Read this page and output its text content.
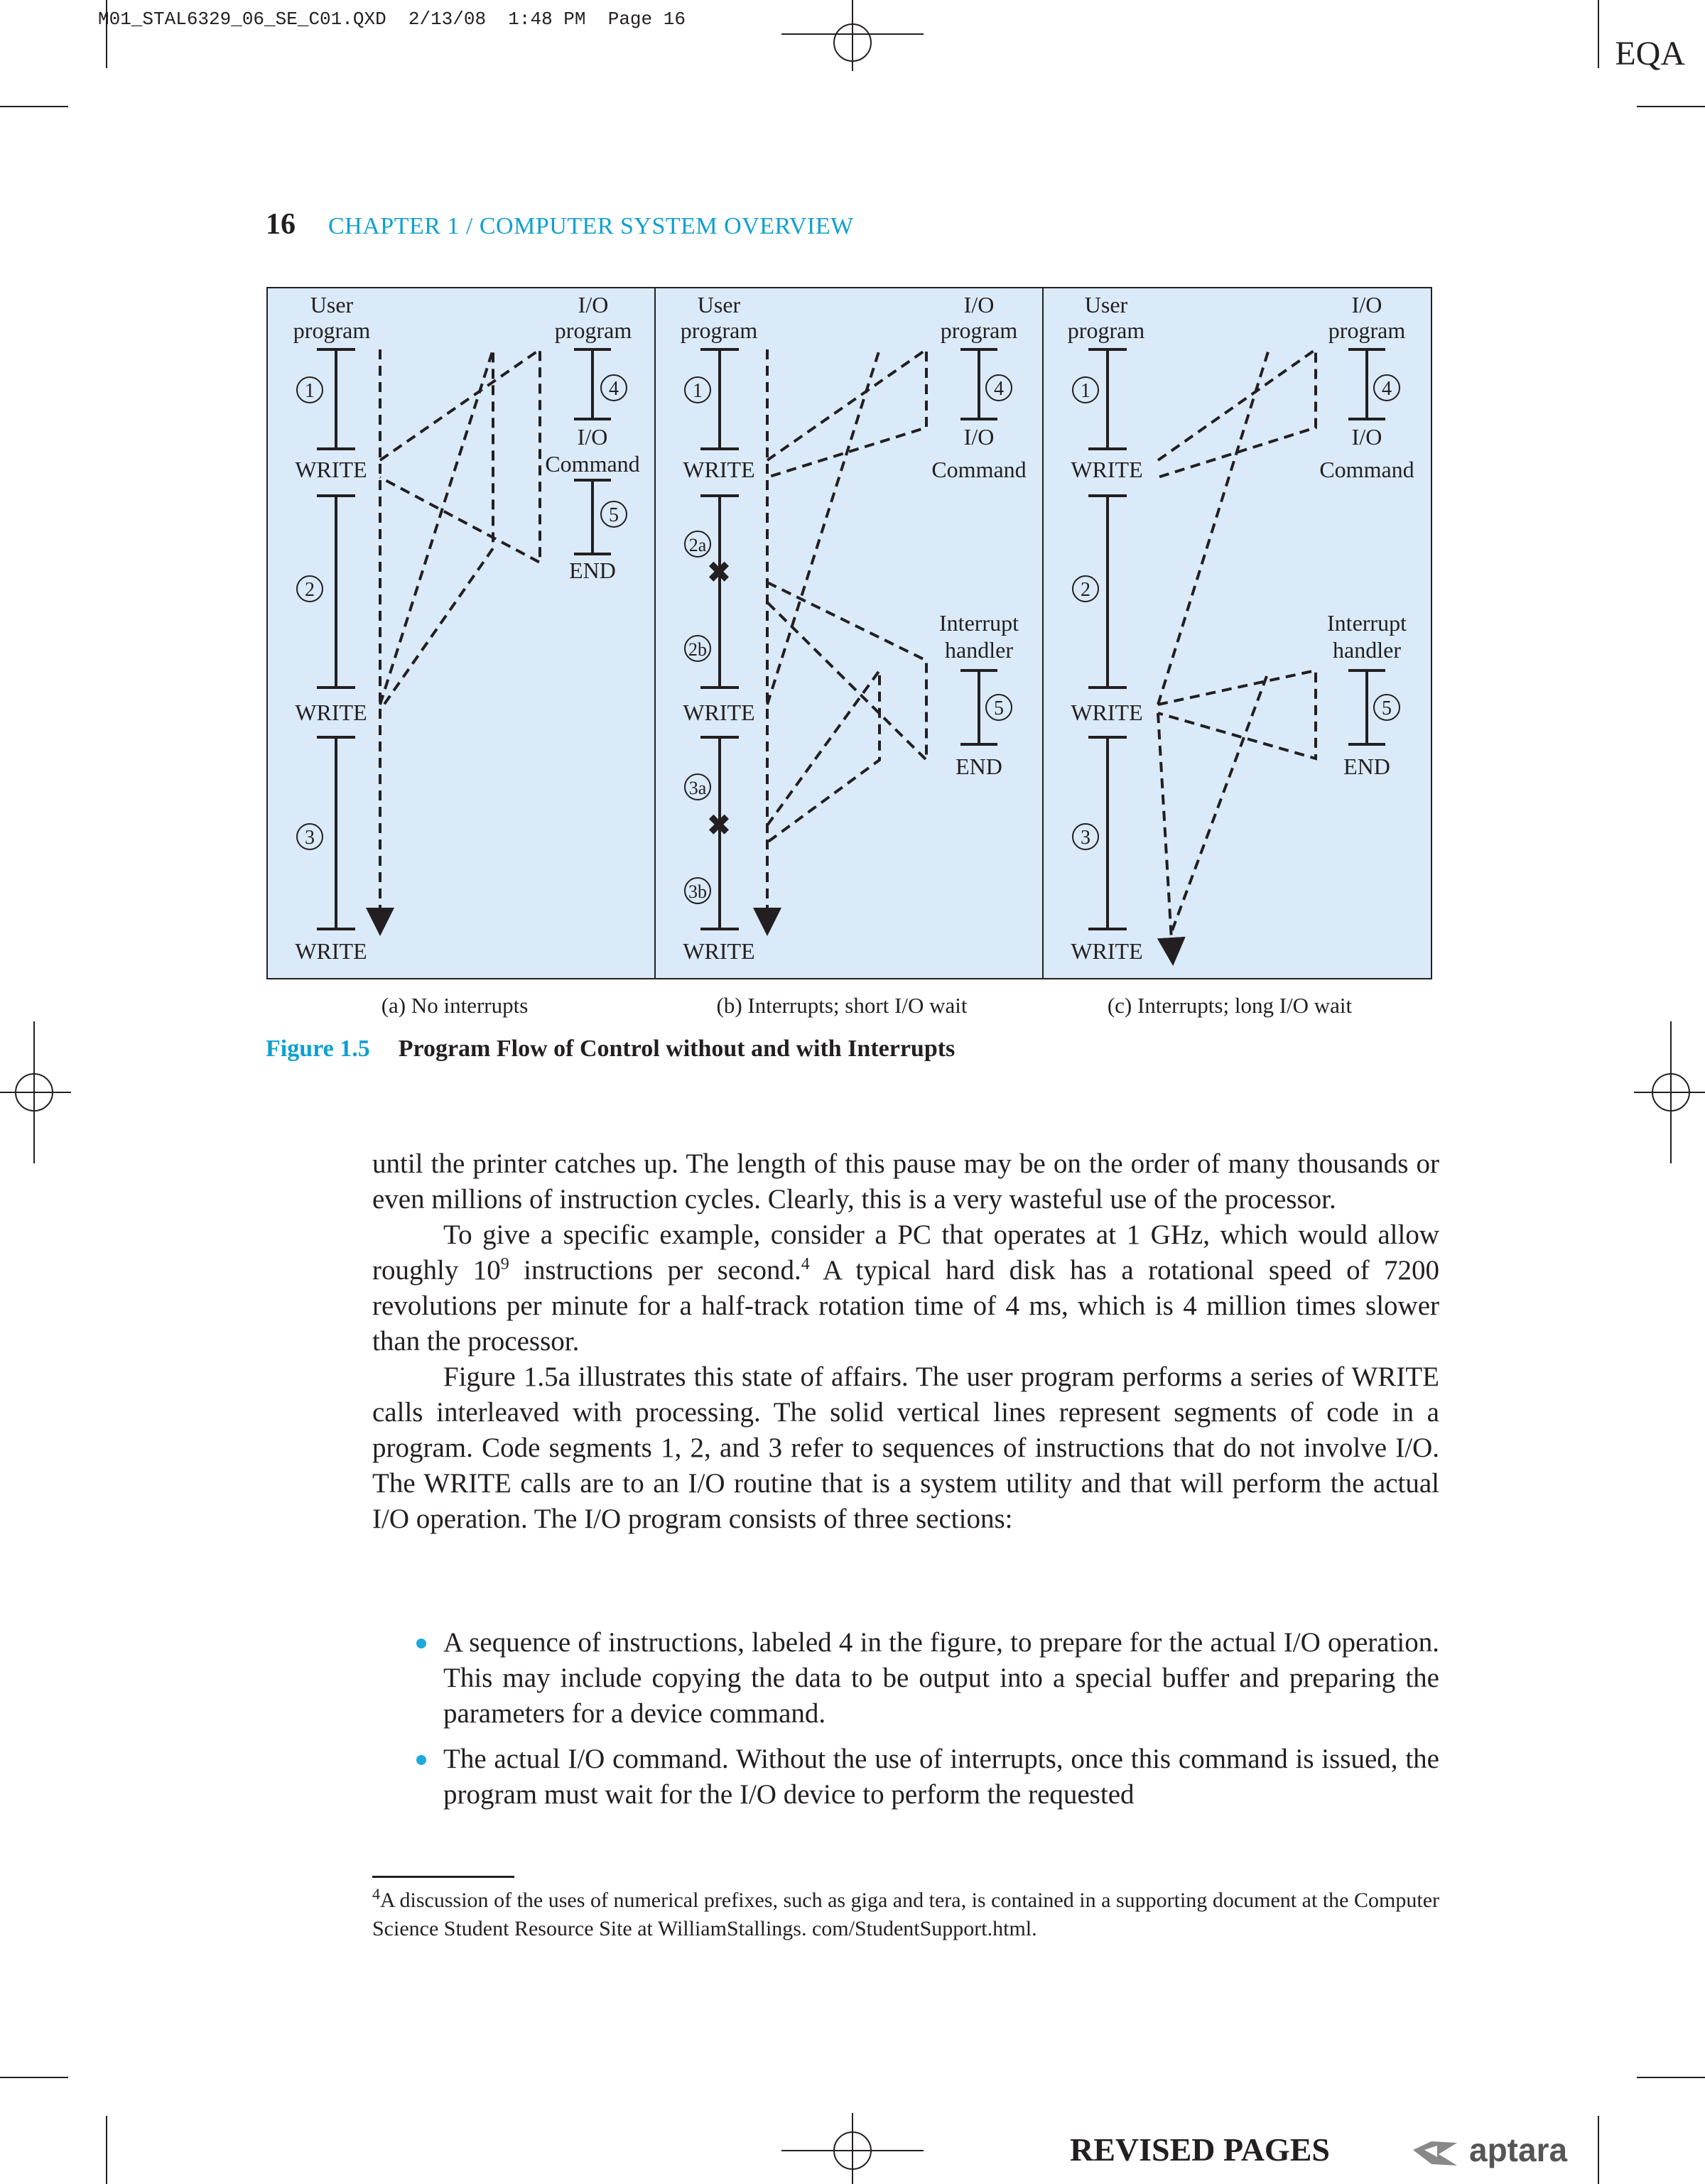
M01_STAL6329_06_SE_C01.QXD  2/13/08  1:48 PM  Page 16
EQA
16 CHAPTER 1 / COMPUTER SYSTEM OVERVIEW
User
program
I/O
program
1
2
3
4
5
WRITE
WRITE
WRITE
I/O
Command
END
User
program
I/O
program
1
2a
2b
3a
3b
4
5
✖
✖
WRITE
WRITE
WRITE
I/O
Command
Interrupt
handler
END
User
program
I/O
program
1
2
3
4
5
WRITE
WRITE
WRITE
I/O
Command
Interrupt
handler
END
(a) No interrupts	(b) Interrupts; short I/O wait	(c) Interrupts; long I/O wait
Figure 1.5 Program Flow of Control without and with Interrupts

until the printer catches up. The length of this pause may be on the order of many thousands or even millions of instruction cycles. Clearly, this is a very wasteful use of the processor.

To give a specific example, consider a PC that operates at 1 GHz, which would allow roughly $10^9$ instructions per second.$^4$ A typical hard disk has a rotational speed of 7200 revolutions per minute for a half-track rotation time of 4 ms, which is 4 million times slower than the processor.

Figure 1.5a illustrates this state of affairs. The user program performs a series of WRITE calls interleaved with processing. The solid vertical lines represent segments of code in a program. Code segments 1, 2, and 3 refer to sequences of instructions that do not involve I/O. The WRITE calls are to an I/O routine that is a system utility and that will perform the actual I/O operation. The I/O program consists of three sections:

A sequence of instructions, labeled 4 in the figure, to prepare for the actual I/O operation. This may include copying the data to be output into a special buffer and preparing the parameters for a device command.
The actual I/O command. Without the use of interrupts, once this command is issued, the program must wait for the I/O device to perform the requested
$^4$A discussion of the uses of numerical prefixes, such as giga and tera, is contained in a supporting document at the Computer Science Student Resource Site at WilliamStallings. com/StudentSupport.html.
REVISED PAGES	aptara
